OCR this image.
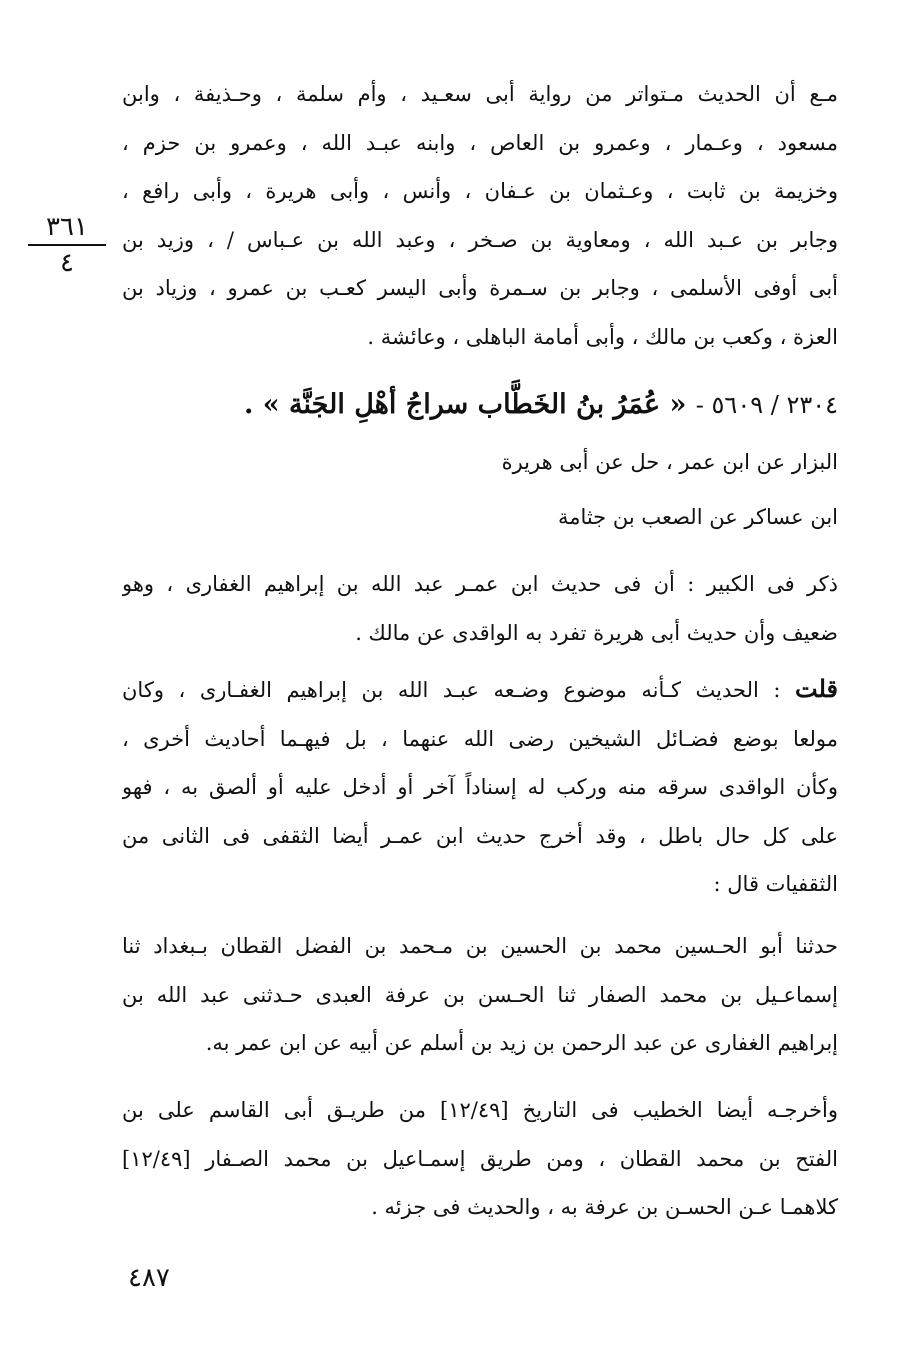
٣٦١
٤
مـع أن الحديث مـتواتر من رواية أبى سعـيد ، وأم سلمة ، وحـذيفة ، وابن
مسعود ، وعـمار ، وعمرو بن العاص ، وابنه عبـد الله ، وعمرو بن حزم ،
وخزيمة بن ثابت ، وعـثمان بن عـفان ، وأنس ، وأبى هريرة ، وأبى رافع ،
وجابر بن عـبد الله ، ومعاوية بن صـخر ، وعبد الله بن عـباس / ، وزيد بن
أبى أوفى الأسلمى ، وجابر بن سـمرة وأبى اليسر كعـب بن عمرو ، وزياد بن
العزة ، وكعب بن مالك ، وأبى أمامة الباهلى ، وعائشة .
٢٣٠٤ / ٥٦٠٩ - « عُمَرُ بنُ الخَطَّاب سراجُ أهْلِ الجَنَّة » .
البزار عن ابن عمر ، حل عن أبى هريرة
ابن عساكر عن الصعب بن جثامة
ذكر فى الكبير : أن فى حديث ابن عمـر عبد الله بن إبراهيم الغفارى ، وهو
ضعيف وأن حديث أبى هريرة تفرد به الواقدى عن مالك .
قلت : الحديث كـأنه موضوع وضـعه عبـد الله بن إبراهيم الغفـارى ، وكان
مولعا بوضع فضـائل الشيخين رضى الله عنهما ، بل فيهـما أحاديث أخرى ،
وكأن الواقدى سرقه منه وركب له إسناداً آخر أو أدخل عليه أو ألصق به ، فهو
على كل حال باطل ، وقد أخرج حديث ابن عمـر أيضا الثقفى فى الثانى من
الثقفيات قال :
حدثنا أبو الحـسين محمد بن الحسين بن مـحمد بن الفضل القطان بـبغداد ثنا
إسماعـيل بن محمد الصفار ثنا الحـسن بن عرفة العبدى حـدثنى عبد الله بن
إبراهيم الغفارى عن عبد الرحمن بن زيد بن أسلم عن أبيه عن ابن عمر به.
وأخرجـه أيضا الخطيب فى التاريخ [١٢/٤٩] من طريـق أبى القاسم على بن
الفتح بن محمد القطان ، ومن طريق إسمـاعيل بن محمد الصـفار [١٢/٤٩]
كلاهمـا عـن الحسـن بن عرفة به ، والحديث فى جزئه .
٤٨٧
